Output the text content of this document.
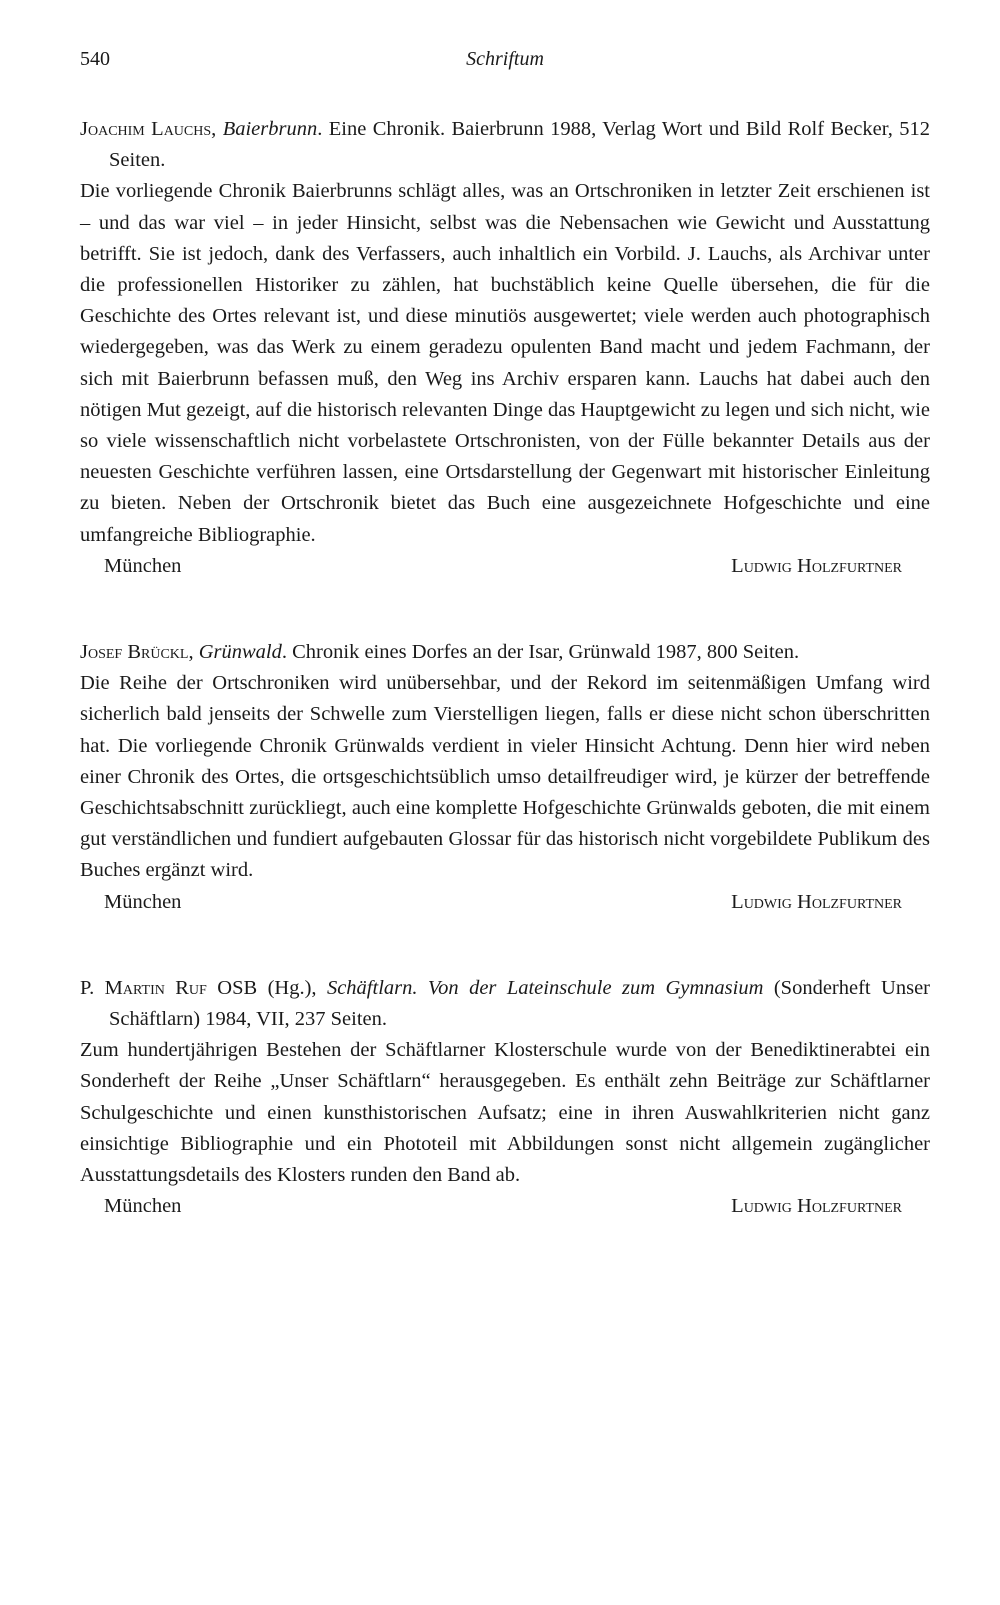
540	Schriftum

Joachim Lauchs, Baierbrunn. Eine Chronik. Baierbrunn 1988, Verlag Wort und Bild Rolf Becker, 512 Seiten.

Die vorliegende Chronik Baierbrunns schlägt alles, was an Ortschroniken in letzter Zeit erschienen ist – und das war viel – in jeder Hinsicht, selbst was die Nebensachen wie Gewicht und Ausstattung betrifft. Sie ist jedoch, dank des Verfassers, auch inhaltlich ein Vorbild. J. Lauchs, als Archivar unter die professionellen Historiker zu zählen, hat buchstäblich keine Quelle übersehen, die für die Geschichte des Ortes relevant ist, und diese minutiös ausgewertet; viele werden auch photographisch wiedergegeben, was das Werk zu einem geradezu opulenten Band macht und jedem Fachmann, der sich mit Baierbrunn befassen muß, den Weg ins Archiv ersparen kann. Lauchs hat dabei auch den nötigen Mut gezeigt, auf die historisch relevanten Dinge das Hauptgewicht zu legen und sich nicht, wie so viele wissenschaftlich nicht vorbelastete Ortschronisten, von der Fülle bekannter Details aus der neuesten Geschichte verführen lassen, eine Ortsdarstellung der Gegenwart mit historischer Einleitung zu bieten. Neben der Ortschronik bietet das Buch eine ausgezeichnete Hofgeschichte und eine umfangreiche Bibliographie.

München	Ludwig Holzfurtner

Josef Brückl, Grünwald. Chronik eines Dorfes an der Isar, Grünwald 1987, 800 Seiten.

Die Reihe der Ortschroniken wird unübersehbar, und der Rekord im seitenmäßigen Umfang wird sicherlich bald jenseits der Schwelle zum Vierstelligen liegen, falls er diese nicht schon überschritten hat. Die vorliegende Chronik Grünwalds verdient in vieler Hinsicht Achtung. Denn hier wird neben einer Chronik des Ortes, die ortsgeschichtsüblich umso detailfreudiger wird, je kürzer der betreffende Geschichtsabschnitt zurückliegt, auch eine komplette Hofgeschichte Grünwalds geboten, die mit einem gut verständlichen und fundiert aufgebauten Glossar für das historisch nicht vorgebildete Publikum des Buches ergänzt wird.

München	Ludwig Holzfurtner

P. Martin Ruf OSB (Hg.), Schäftlarn. Von der Lateinschule zum Gymnasium (Sonderheft Unser Schäftlarn) 1984, VII, 237 Seiten.

Zum hundertjährigen Bestehen der Schäftlarner Klosterschule wurde von der Benediktinerabtei ein Sonderheft der Reihe „Unser Schäftlarn“ herausgegeben. Es enthält zehn Beiträge zur Schäftlarner Schulgeschichte und einen kunsthistorischen Aufsatz; eine in ihren Auswahlkriterien nicht ganz einsichtige Bibliographie und ein Phototeil mit Abbildungen sonst nicht allgemein zugänglicher Ausstattungsdetails des Klosters runden den Band ab.

München	Ludwig Holzfurtner
